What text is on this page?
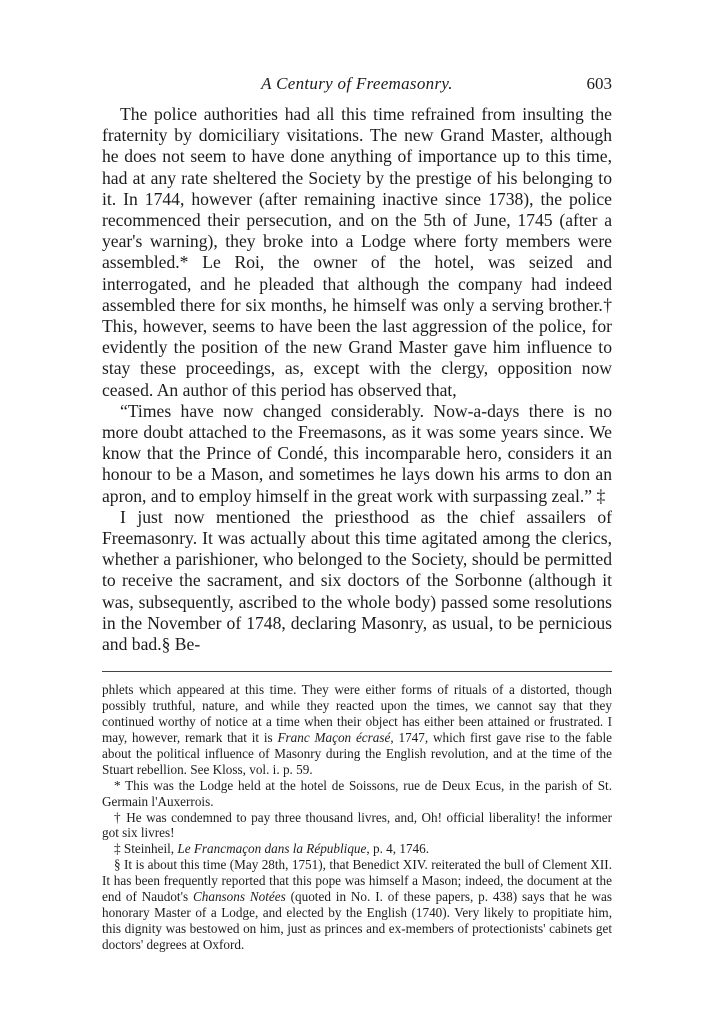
A Century of Freemasonry.	603

The police authorities had all this time refrained from insulting the fraternity by domiciliary visitations. The new Grand Master, although he does not seem to have done anything of importance up to this time, had at any rate sheltered the Society by the prestige of his belonging to it. In 1744, however (after remaining inactive since 1738), the police recommenced their persecution, and on the 5th of June, 1745 (after a year's warning), they broke into a Lodge where forty members were assembled.* Le Roi, the owner of the hotel, was seized and interrogated, and he pleaded that although the company had indeed assembled there for six months, he himself was only a serving brother.† This, however, seems to have been the last aggression of the police, for evidently the position of the new Grand Master gave him influence to stay these proceedings, as, except with the clergy, opposition now ceased. An author of this period has observed that,

“Times have now changed considerably. Now-a-days there is no more doubt attached to the Freemasons, as it was some years since. We know that the Prince of Condé, this incomparable hero, considers it an honour to be a Mason, and sometimes he lays down his arms to don an apron, and to employ himself in the great work with surpassing zeal.” ‡

I just now mentioned the priesthood as the chief assailers of Freemasonry. It was actually about this time agitated among the clerics, whether a parishioner, who belonged to the Society, should be permitted to receive the sacrament, and six doctors of the Sorbonne (although it was, subsequently, ascribed to the whole body) passed some resolutions in the November of 1748, declaring Masonry, as usual, to be pernicious and bad.§ Be-

phlets which appeared at this time. They were either forms of rituals of a distorted, though possibly truthful, nature, and while they reacted upon the times, we cannot say that they continued worthy of notice at a time when their object has either been attained or frustrated. I may, however, remark that it is Franc Maçon écrasé, 1747, which first gave rise to the fable about the political influence of Masonry during the English revolution, and at the time of the Stuart rebellion. See Kloss, vol. i. p. 59.

* This was the Lodge held at the hotel de Soissons, rue de Deux Ecus, in the parish of St. Germain l'Auxerrois.

† He was condemned to pay three thousand livres, and, Oh! official liberality! the informer got six livres!

‡ Steinheil, Le Francmaçon dans la République, p. 4, 1746.

§ It is about this time (May 28th, 1751), that Benedict XIV. reiterated the bull of Clement XII. It has been frequently reported that this pope was himself a Mason; indeed, the document at the end of Naudot's Chansons Notées (quoted in No. I. of these papers, p. 438) says that he was honorary Master of a Lodge, and elected by the English (1740). Very likely to propitiate him, this dignity was bestowed on him, just as princes and ex-members of protectionists' cabinets get doctors' degrees at Oxford.
